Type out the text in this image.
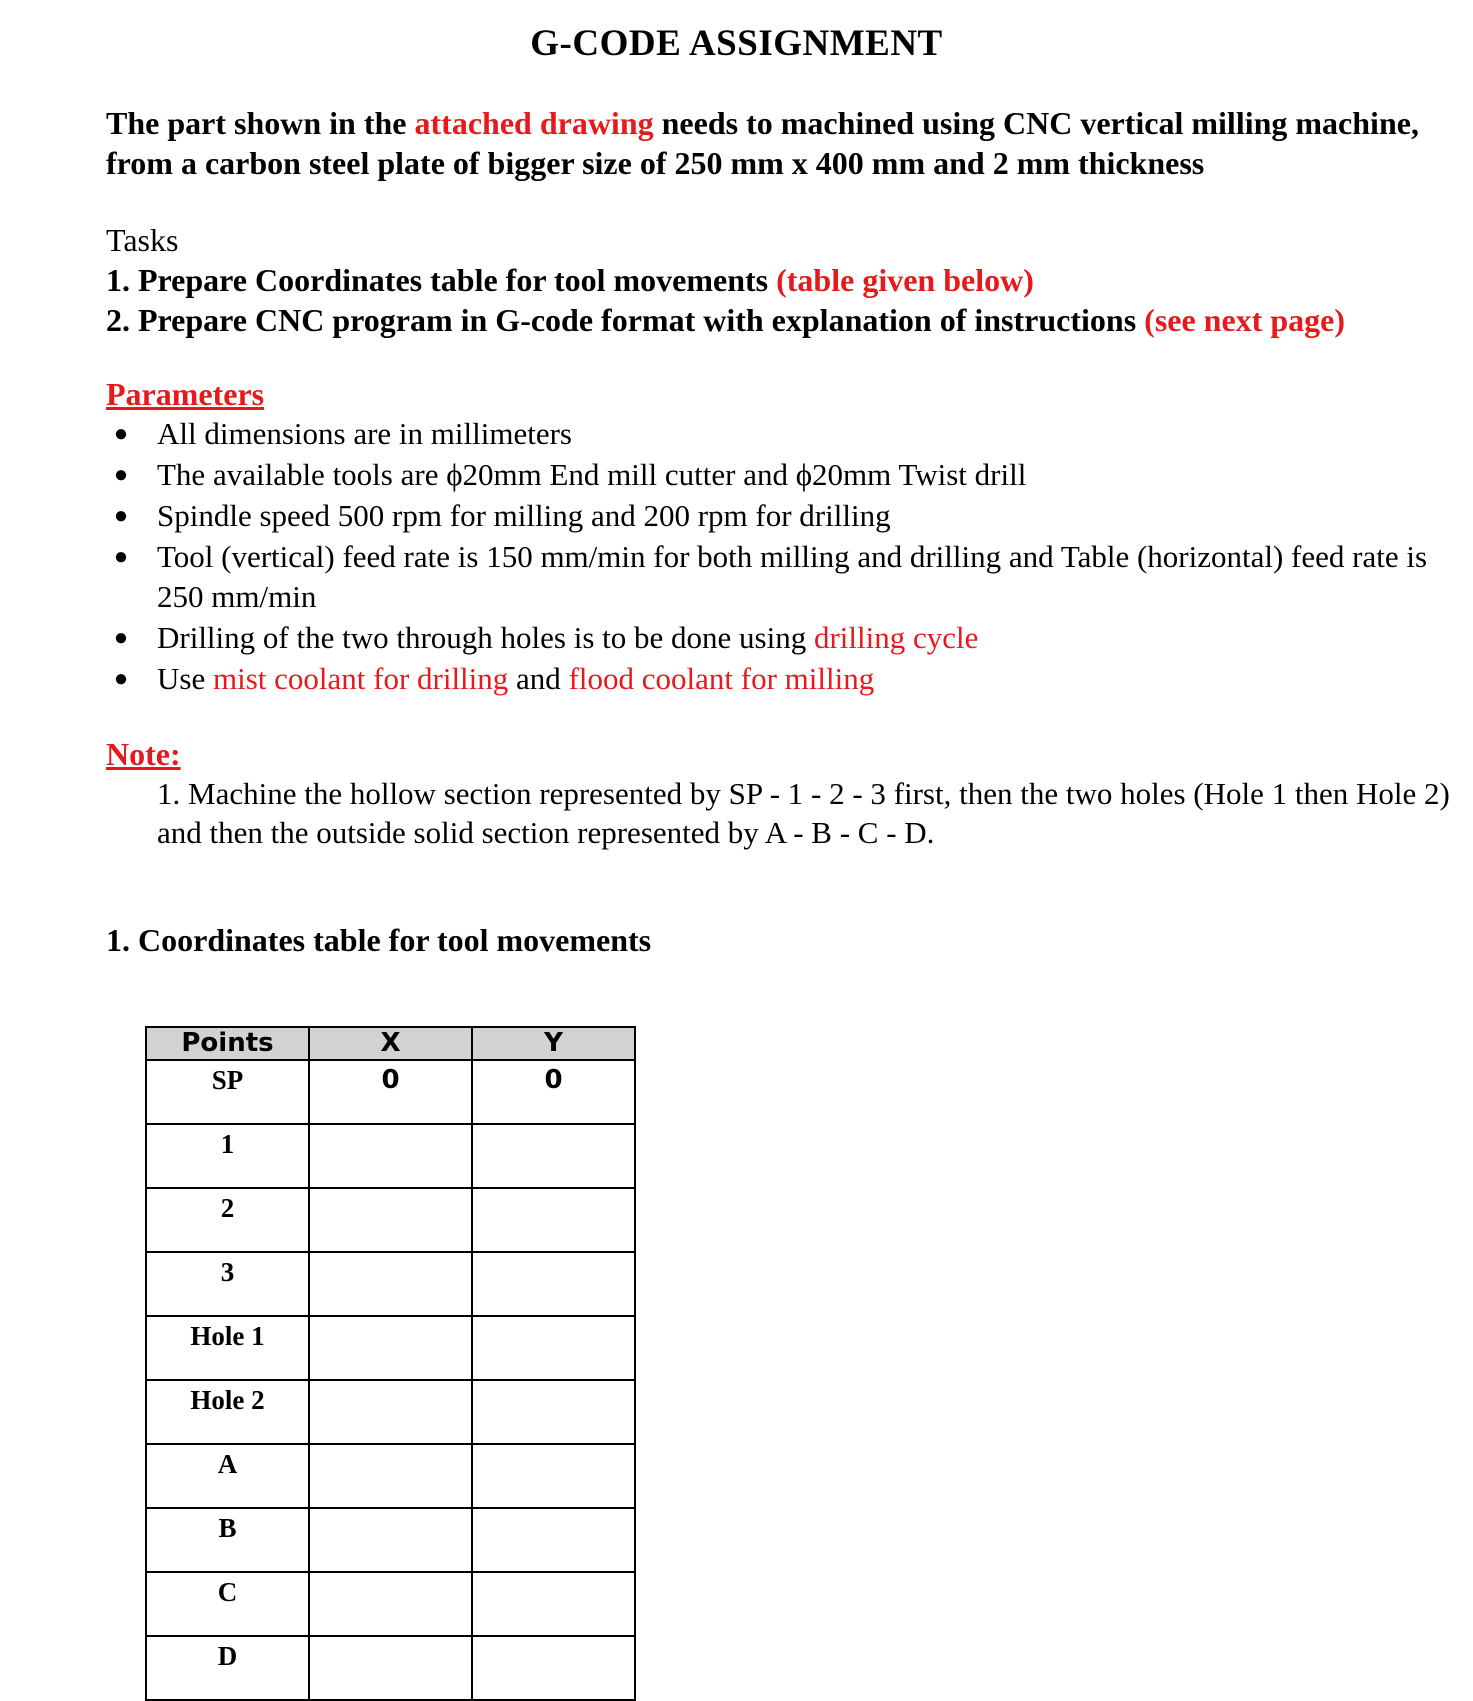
G-CODE ASSIGNMENT
The part shown in the attached drawing needs to machined using CNC vertical milling machine, from a carbon steel plate of bigger size of 250 mm x 400 mm and 2 mm thickness
Tasks
1. Prepare Coordinates table for tool movements (table given below)
2. Prepare CNC program in G-code format with explanation of instructions (see next page)
Parameters
● All dimensions are in millimeters
● The available tools are ϕ20mm End mill cutter and ϕ20mm Twist drill
● Spindle speed 500 rpm for milling and 200 rpm for drilling
● Tool (vertical) feed rate is 150 mm/min for both milling and drilling and Table (horizontal) feed rate is 250 mm/min
● Drilling of the two through holes is to be done using drilling cycle
● Use mist coolant for drilling and flood coolant for milling
Note:

1. Machine the hollow section represented by SP - 1 - 2 - 3 first, then the two holes (Hole 1 then Hole 2) and then the outside solid section represented by A - B - C - D.

1. Coordinates table for tool movements
Points	X	Y
SP	0	0
1		
2		
3		
Hole 1		
Hole 2		
A		
B		
C		
D		
